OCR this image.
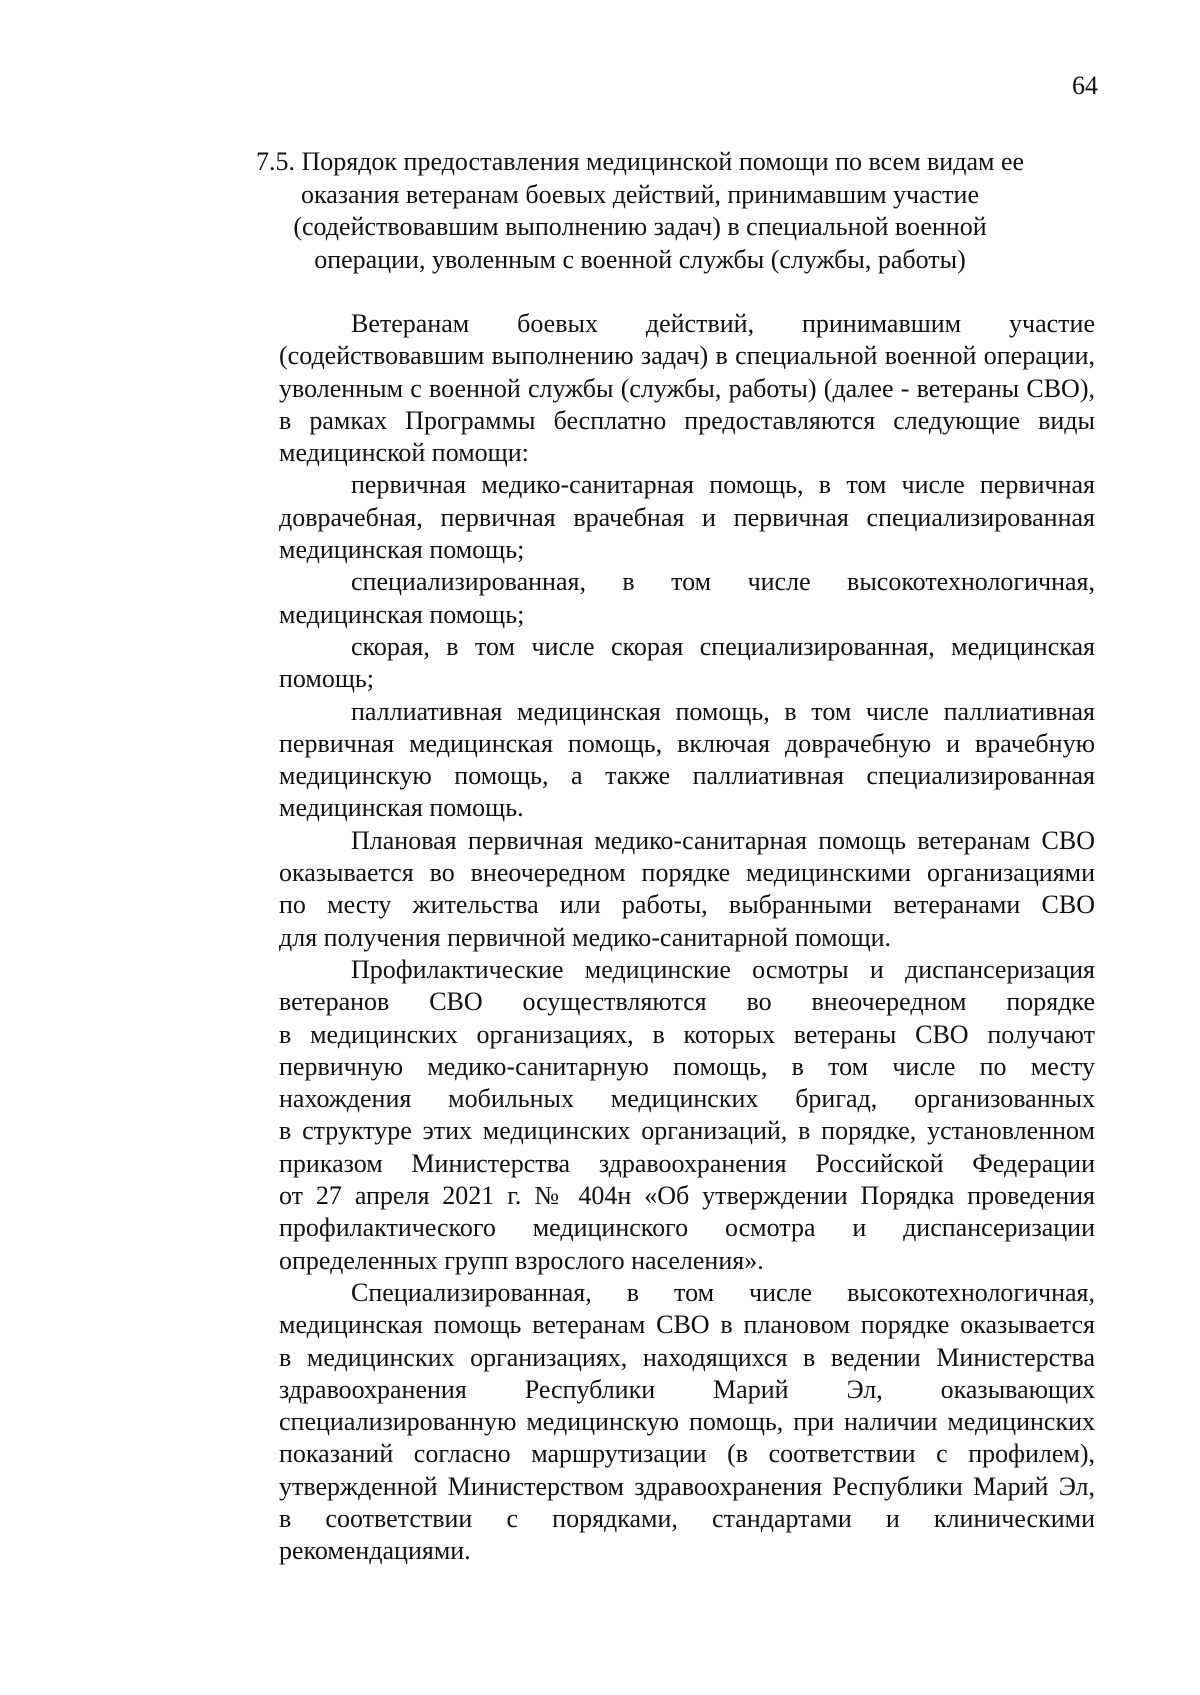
64
7.5. Порядок предоставления медицинской помощи по всем видам ее
оказания ветеранам боевых действий, принимавшим участие
(содействовавшим выполнению задач) в специальной военной
операции, уволенным с военной службы (службы, работы)
Ветеранам боевых действий, принимавшим участие
(содействовавшим выполнению задач) в специальной военной операции,
уволенным с военной службы (службы, работы) (далее - ветераны СВО),
в рамках Программы бесплатно предоставляются следующие виды
медицинской помощи:
первичная медико-санитарная помощь, в том числе первичная
доврачебная, первичная врачебная и первичная специализированная
медицинская помощь;
специализированная, в том числе высокотехнологичная,
медицинская помощь;
скорая, в том числе скорая специализированная, медицинская
помощь;
паллиативная медицинская помощь, в том числе паллиативная
первичная медицинская помощь, включая доврачебную и врачебную
медицинскую помощь, а также паллиативная специализированная
медицинская помощь.
Плановая первичная медико-санитарная помощь ветеранам СВО
оказывается во внеочередном порядке медицинскими организациями
по месту жительства или работы, выбранными ветеранами СВО
для получения первичной медико-санитарной помощи.
Профилактические медицинские осмотры и диспансеризация
ветеранов СВО осуществляются во внеочередном порядке
в медицинских организациях, в которых ветераны СВО получают
первичную медико-санитарную помощь, в том числе по месту
нахождения мобильных медицинских бригад, организованных
в структуре этих медицинских организаций, в порядке, установленном
приказом Министерства здравоохранения Российской Федерации
от 27 апреля 2021 г. № 404н «Об утверждении Порядка проведения
профилактического медицинского осмотра и диспансеризации
определенных групп взрослого населения».
Специализированная, в том числе высокотехнологичная,
медицинская помощь ветеранам СВО в плановом порядке оказывается
в медицинских организациях, находящихся в ведении Министерства
здравоохранения Республики Марий Эл, оказывающих
специализированную медицинскую помощь, при наличии медицинских
показаний согласно маршрутизации (в соответствии с профилем),
утвержденной Министерством здравоохранения Республики Марий Эл,
в соответствии с порядками, стандартами и клиническими
рекомендациями.
